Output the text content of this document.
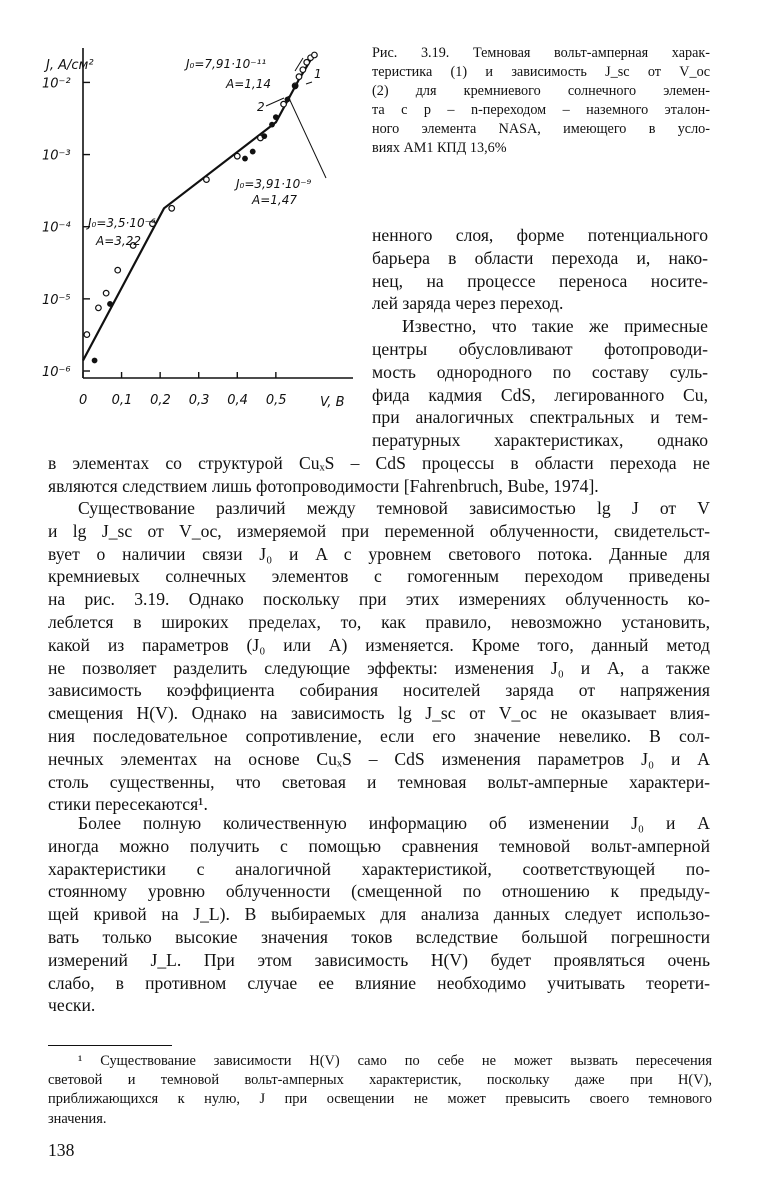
10⁻²
10⁻³
10⁻⁴
10⁻⁵
10⁻⁶
0 0,1 0,2 0,3 0,4 0,5
J, A/см²
V, В
J₀=7,91·10⁻¹¹
A=1,14
J₀=3,91·10⁻⁹
A=1,47
J₀=3,5·10⁻⁶
A=3,22
1
2
Рис. 3.19. Темновая вольт-амперная харак-
теристика (1) и зависимость J_sc от V_oc
(2) для кремниевого солнечного элемен-
та с p – n-переходом – наземного эталон-
ного элемента NASA, имеющего в усло-
виях AM1 КПД 13,6%
ненного слоя, форме потенциального
барьера в области перехода и, нако-
нец, на процессе переноса носите-
лей заряда через переход.
Известно, что такие же примесные
центры обусловливают фотопроводи-
мость однородного по составу суль-
фида кадмия CdS, легированного Cu,
при аналогичных спектральных и тем-
пературных характеристиках, однако
в элементах со структурой CuₓS – CdS процессы в области перехода не
являются следствием лишь фотопроводимости [Fahrenbruch, Bube, 1974].
Существование различий между темновой зависимостью lg J от V
и lg J_sc от V_oc, измеряемой при переменной облученности, свидетельст-
вует о наличии связи J₀ и A с уровнем светового потока. Данные для
кремниевых солнечных элементов с гомогенным переходом приведены
на рис. 3.19. Однако поскольку при этих измерениях облученность ко-
леблется в широких пределах, то, как правило, невозможно установить,
какой из параметров (J₀ или A) изменяется. Кроме того, данный метод
не позволяет разделить следующие эффекты: изменения J₀ и A, а также
зависимость коэффициента собирания носителей заряда от напряжения
смещения H(V). Однако на зависимость lg J_sc от V_oc не оказывает влия-
ния последовательное сопротивление, если его значение невелико. В сол-
нечных элементах на основе CuₓS – CdS изменения параметров J₀ и A
столь существенны, что световая и темновая вольт-амперные характери-
стики пересекаются¹.
Более полную количественную информацию об изменении J₀ и A
иногда можно получить с помощью сравнения темновой вольт-амперной
характеристики с аналогичной характеристикой, соответствующей по-
стоянному уровню облученности (смещенной по отношению к предыду-
щей кривой на J_L). В выбираемых для анализа данных следует использо-
вать только высокие значения токов вследствие большой погрешности
измерений J_L. При этом зависимость H(V) будет проявляться очень
слабо, в противном случае ее влияние необходимо учитывать теорети-
чески.
¹ Существование зависимости H(V) само по себе не может вызвать пересечения
световой и темновой вольт-амперных характеристик, поскольку даже при H(V),
приближающихся к нулю, J при освещении не может превысить своего темнового
значения.
138
